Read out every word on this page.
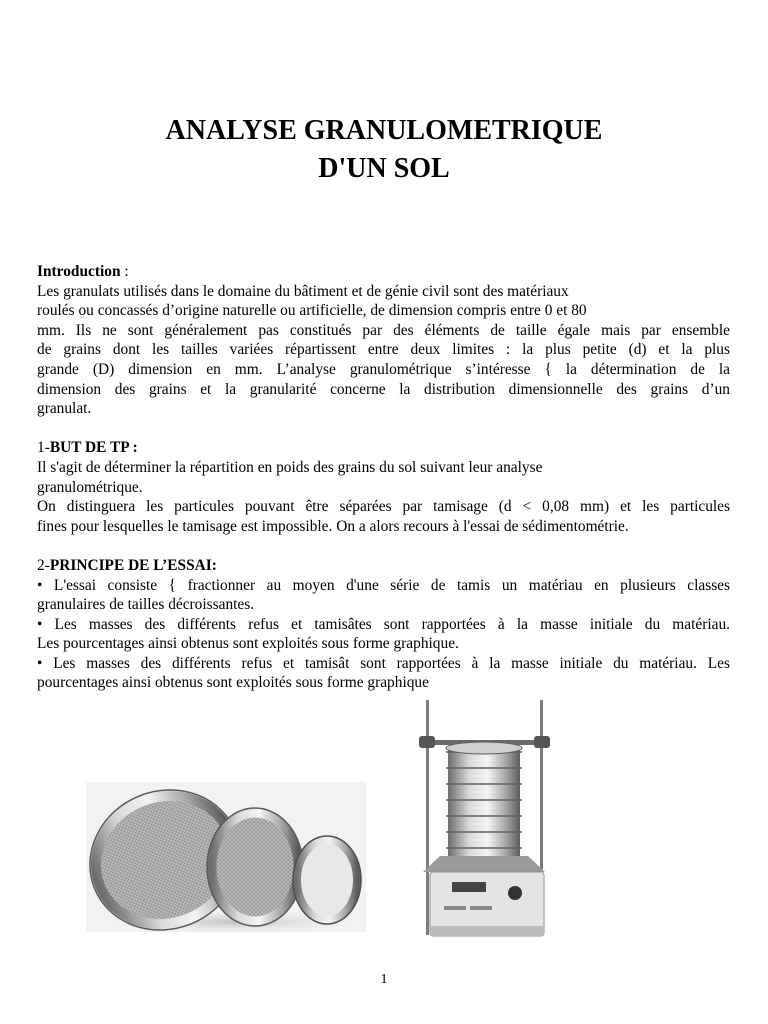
ANALYSE GRANULOMETRIQUE
D'UN SOL
Introduction :
Les granulats utilisés dans le domaine du bâtiment et de génie civil sont des matériaux
roulés ou concassés d’origine naturelle ou artificielle, de dimension compris entre 0 et 80
mm. Ils ne sont généralement pas constitués par des éléments de taille égale mais par ensemble
de grains dont les tailles variées répartissent entre deux limites : la plus petite (d) et la plus
grande (D) dimension en mm. L’analyse granulométrique s’intéresse { la détermination de la
dimension des grains et la granularité concerne la distribution dimensionnelle des grains d’un
granulat.
1-BUT DE TP :
Il s'agit de déterminer la répartition en poids des grains du sol suivant leur analyse
granulométrique.
On distinguera les particules pouvant être séparées par tamisage (d < 0,08 mm) et les particules
fines pour lesquelles le tamisage est impossible. On a alors recours à l'essai de sédimentométrie.
2-PRINCIPE DE L’ESSAI:
• L'essai consiste { fractionner au moyen d'une série de tamis un matériau en plusieurs classes
granulaires de tailles décroissantes.
• Les masses des différents refus et tamisâtes sont rapportées à la masse initiale du matériau.
Les pourcentages ainsi obtenus sont exploités sous forme graphique.
• Les masses des différents refus et tamisât sont rapportées à la masse initiale du matériau. Les
pourcentages ainsi obtenus sont exploités sous forme graphique
1
